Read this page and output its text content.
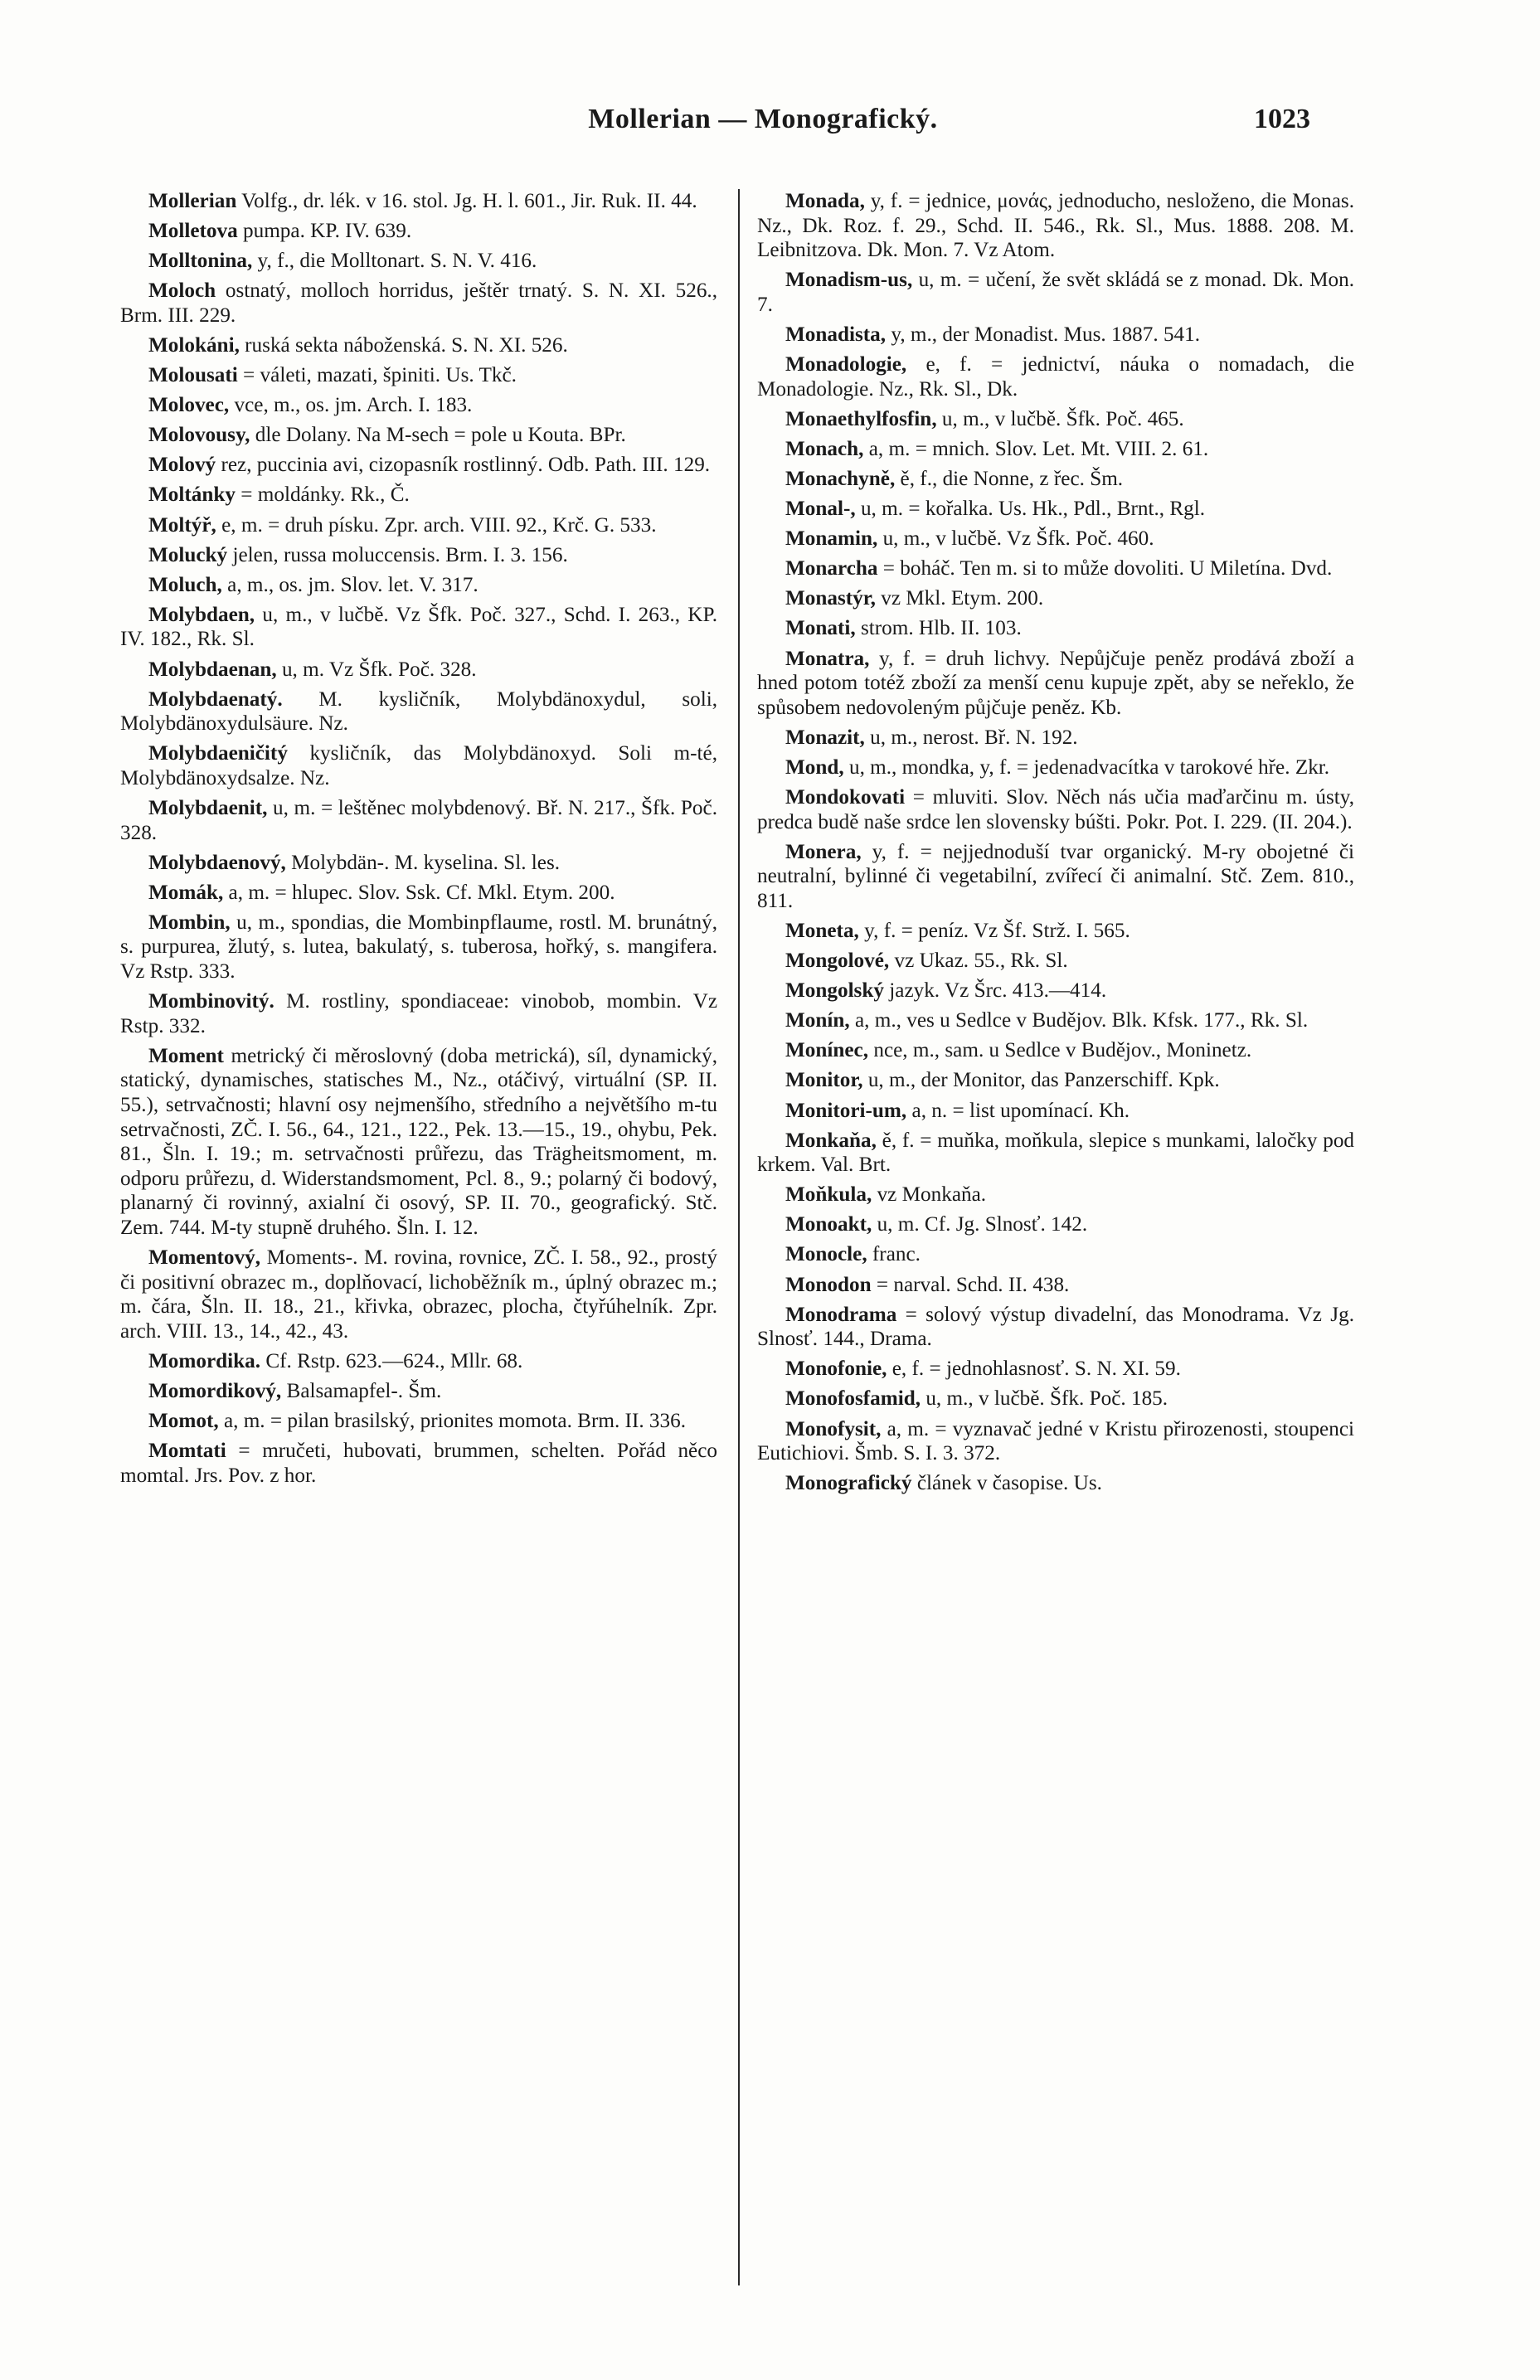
Mollerian — Monografický.	1023

Mollerian Volfg., dr. lék. v 16. stol. Jg. H. l. 601., Jir. Ruk. II. 44.

Molletova pumpa. KP. IV. 639.

Molltonina, y, f., die Molltonart. S. N. V. 416.

Moloch ostnatý, molloch horridus, ještěr trnatý. S. N. XI. 526., Brm. III. 229.

Molokáni, ruská sekta náboženská. S. N. XI. 526.

Molousati = váleti, mazati, špiniti. Us. Tkč.

Molovec, vce, m., os. jm. Arch. I. 183.

Molovousy, dle Dolany. Na M-sech = pole u Kouta. BPr.

Molový rez, puccinia avi, cizopasník rostlinný. Odb. Path. III. 129.

Moltánky = moldánky. Rk., Č.

Moltýř, e, m. = druh písku. Zpr. arch. VIII. 92., Krč. G. 533.

Molucký jelen, russa moluccensis. Brm. I. 3. 156.

Moluch, a, m., os. jm. Slov. let. V. 317.

Molybdaen, u, m., v lučbě. Vz Šfk. Poč. 327., Schd. I. 263., KP. IV. 182., Rk. Sl.

Molybdaenan, u, m. Vz Šfk. Poč. 328.

Molybdaenatý. M. kysličník, Molybdänoxydul, soli, Molybdänoxydulsäure. Nz.

Molybdaeničitý kysličník, das Molybdänoxyd. Soli m-té, Molybdänoxydsalze. Nz.

Molybdaenit, u, m. = leštěnec molybdenový. Bř. N. 217., Šfk. Poč. 328.

Molybdaenový, Molybdän-. M. kyselina. Sl. les.

Momák, a, m. = hlupec. Slov. Ssk. Cf. Mkl. Etym. 200.

Mombin, u, m., spondias, die Mombinpflaume, rostl. M. brunátný, s. purpurea, žlutý, s. lutea, bakulatý, s. tuberosa, hořký, s. mangifera. Vz Rstp. 333.

Mombinovitý. M. rostliny, spondiaceae: vinobob, mombin. Vz Rstp. 332.

Moment metrický či měroslovný (doba metrická), síl, dynamický, statický, dynamisches, statisches M., Nz., otáčivý, virtuální (SP. II. 55.), setrvačnosti; hlavní osy nejmenšího, středního a největšího m-tu setrvačnosti, ZČ. I. 56., 64., 121., 122., Pek. 13.—15., 19., ohybu, Pek. 81., Šln. I. 19.; m. setrvačnosti průřezu, das Trägheitsmoment, m. odporu průřezu, d. Widerstandsmoment, Pcl. 8., 9.; polarný či bodový, planarný či rovinný, axialní či osový, SP. II. 70., geografický. Stč. Zem. 744. M-ty stupně druhého. Šln. I. 12.

Momentový, Moments-. M. rovina, rovnice, ZČ. I. 58., 92., prostý či positivní obrazec m., doplňovací, lichoběžník m., úplný obrazec m.; m. čára, Šln. II. 18., 21., křivka, obrazec, plocha, čtyřúhelník. Zpr. arch. VIII. 13., 14., 42., 43.

Momordika. Cf. Rstp. 623.—624., Mllr. 68.

Momordikový, Balsamapfel-. Šm.

Momot, a, m. = pilan brasilský, prionites momota. Brm. II. 336.

Momtati = mručeti, hubovati, brummen, schelten. Pořád něco momtal. Jrs. Pov. z hor.

Monada, y, f. = jednice, μονάς, jednoducho, nesloženo, die Monas. Nz., Dk. Roz. f. 29., Schd. II. 546., Rk. Sl., Mus. 1888. 208. M. Leibnitzova. Dk. Mon. 7. Vz Atom.

Monadism-us, u, m. = učení, že svět skládá se z monad. Dk. Mon. 7.

Monadista, y, m., der Monadist. Mus. 1887. 541.

Monadologie, e, f. = jednictví, náuka o nomadach, die Monadologie. Nz., Rk. Sl., Dk.

Monaethylfosfin, u, m., v lučbě. Šfk. Poč. 465.

Monach, a, m. = mnich. Slov. Let. Mt. VIII. 2. 61.

Monachyně, ě, f., die Nonne, z řec. Šm.

Monal-, u, m. = kořalka. Us. Hk., Pdl., Brnt., Rgl.

Monamin, u, m., v lučbě. Vz Šfk. Poč. 460.

Monarcha = boháč. Ten m. si to může dovoliti. U Miletína. Dvd.

Monastýr, vz Mkl. Etym. 200.

Monati, strom. Hlb. II. 103.

Monatra, y, f. = druh lichvy. Nepůjčuje peněz prodává zboží a hned potom totéž zboží za menší cenu kupuje zpět, aby se neřeklo, že spůsobem nedovoleným půjčuje peněz. Kb.

Monazit, u, m., nerost. Bř. N. 192.

Mond, u, m., mondka, y, f. = jedenadvacítka v tarokové hře. Zkr.

Mondokovati = mluviti. Slov. Něch nás učia maďarčinu m. ústy, predca budě naše srdce len slovensky búšti. Pokr. Pot. I. 229. (II. 204.).

Monera, y, f. = nejjednoduší tvar organický. M-ry obojetné či neutralní, bylinné či vegetabilní, zvířecí či animalní. Stč. Zem. 810., 811.

Moneta, y, f. = peníz. Vz Šf. Strž. I. 565.

Mongolové, vz Ukaz. 55., Rk. Sl.

Mongolský jazyk. Vz Šrc. 413.—414.

Monín, a, m., ves u Sedlce v Budějov. Blk. Kfsk. 177., Rk. Sl.

Monínec, nce, m., sam. u Sedlce v Budějov., Moninetz.

Monitor, u, m., der Monitor, das Panzerschiff. Kpk.

Monitori-um, a, n. = list upomínací. Kh.

Monkaňa, ě, f. = muňka, moňkula, slepice s munkami, laločky pod krkem. Val. Brt.

Moňkula, vz Monkaňa.

Monoakt, u, m. Cf. Jg. Slnosť. 142.

Monocle, franc.

Monodon = narval. Schd. II. 438.

Monodrama = solový výstup divadelní, das Monodrama. Vz Jg. Slnosť. 144., Drama.

Monofonie, e, f. = jednohlasnosť. S. N. XI. 59.

Monofosfamid, u, m., v lučbě. Šfk. Poč. 185.

Monofysit, a, m. = vyznavač jedné v Kristu přirozenosti, stoupenci Eutichiovi. Šmb. S. I. 3. 372.

Monografický článek v časopise. Us.
